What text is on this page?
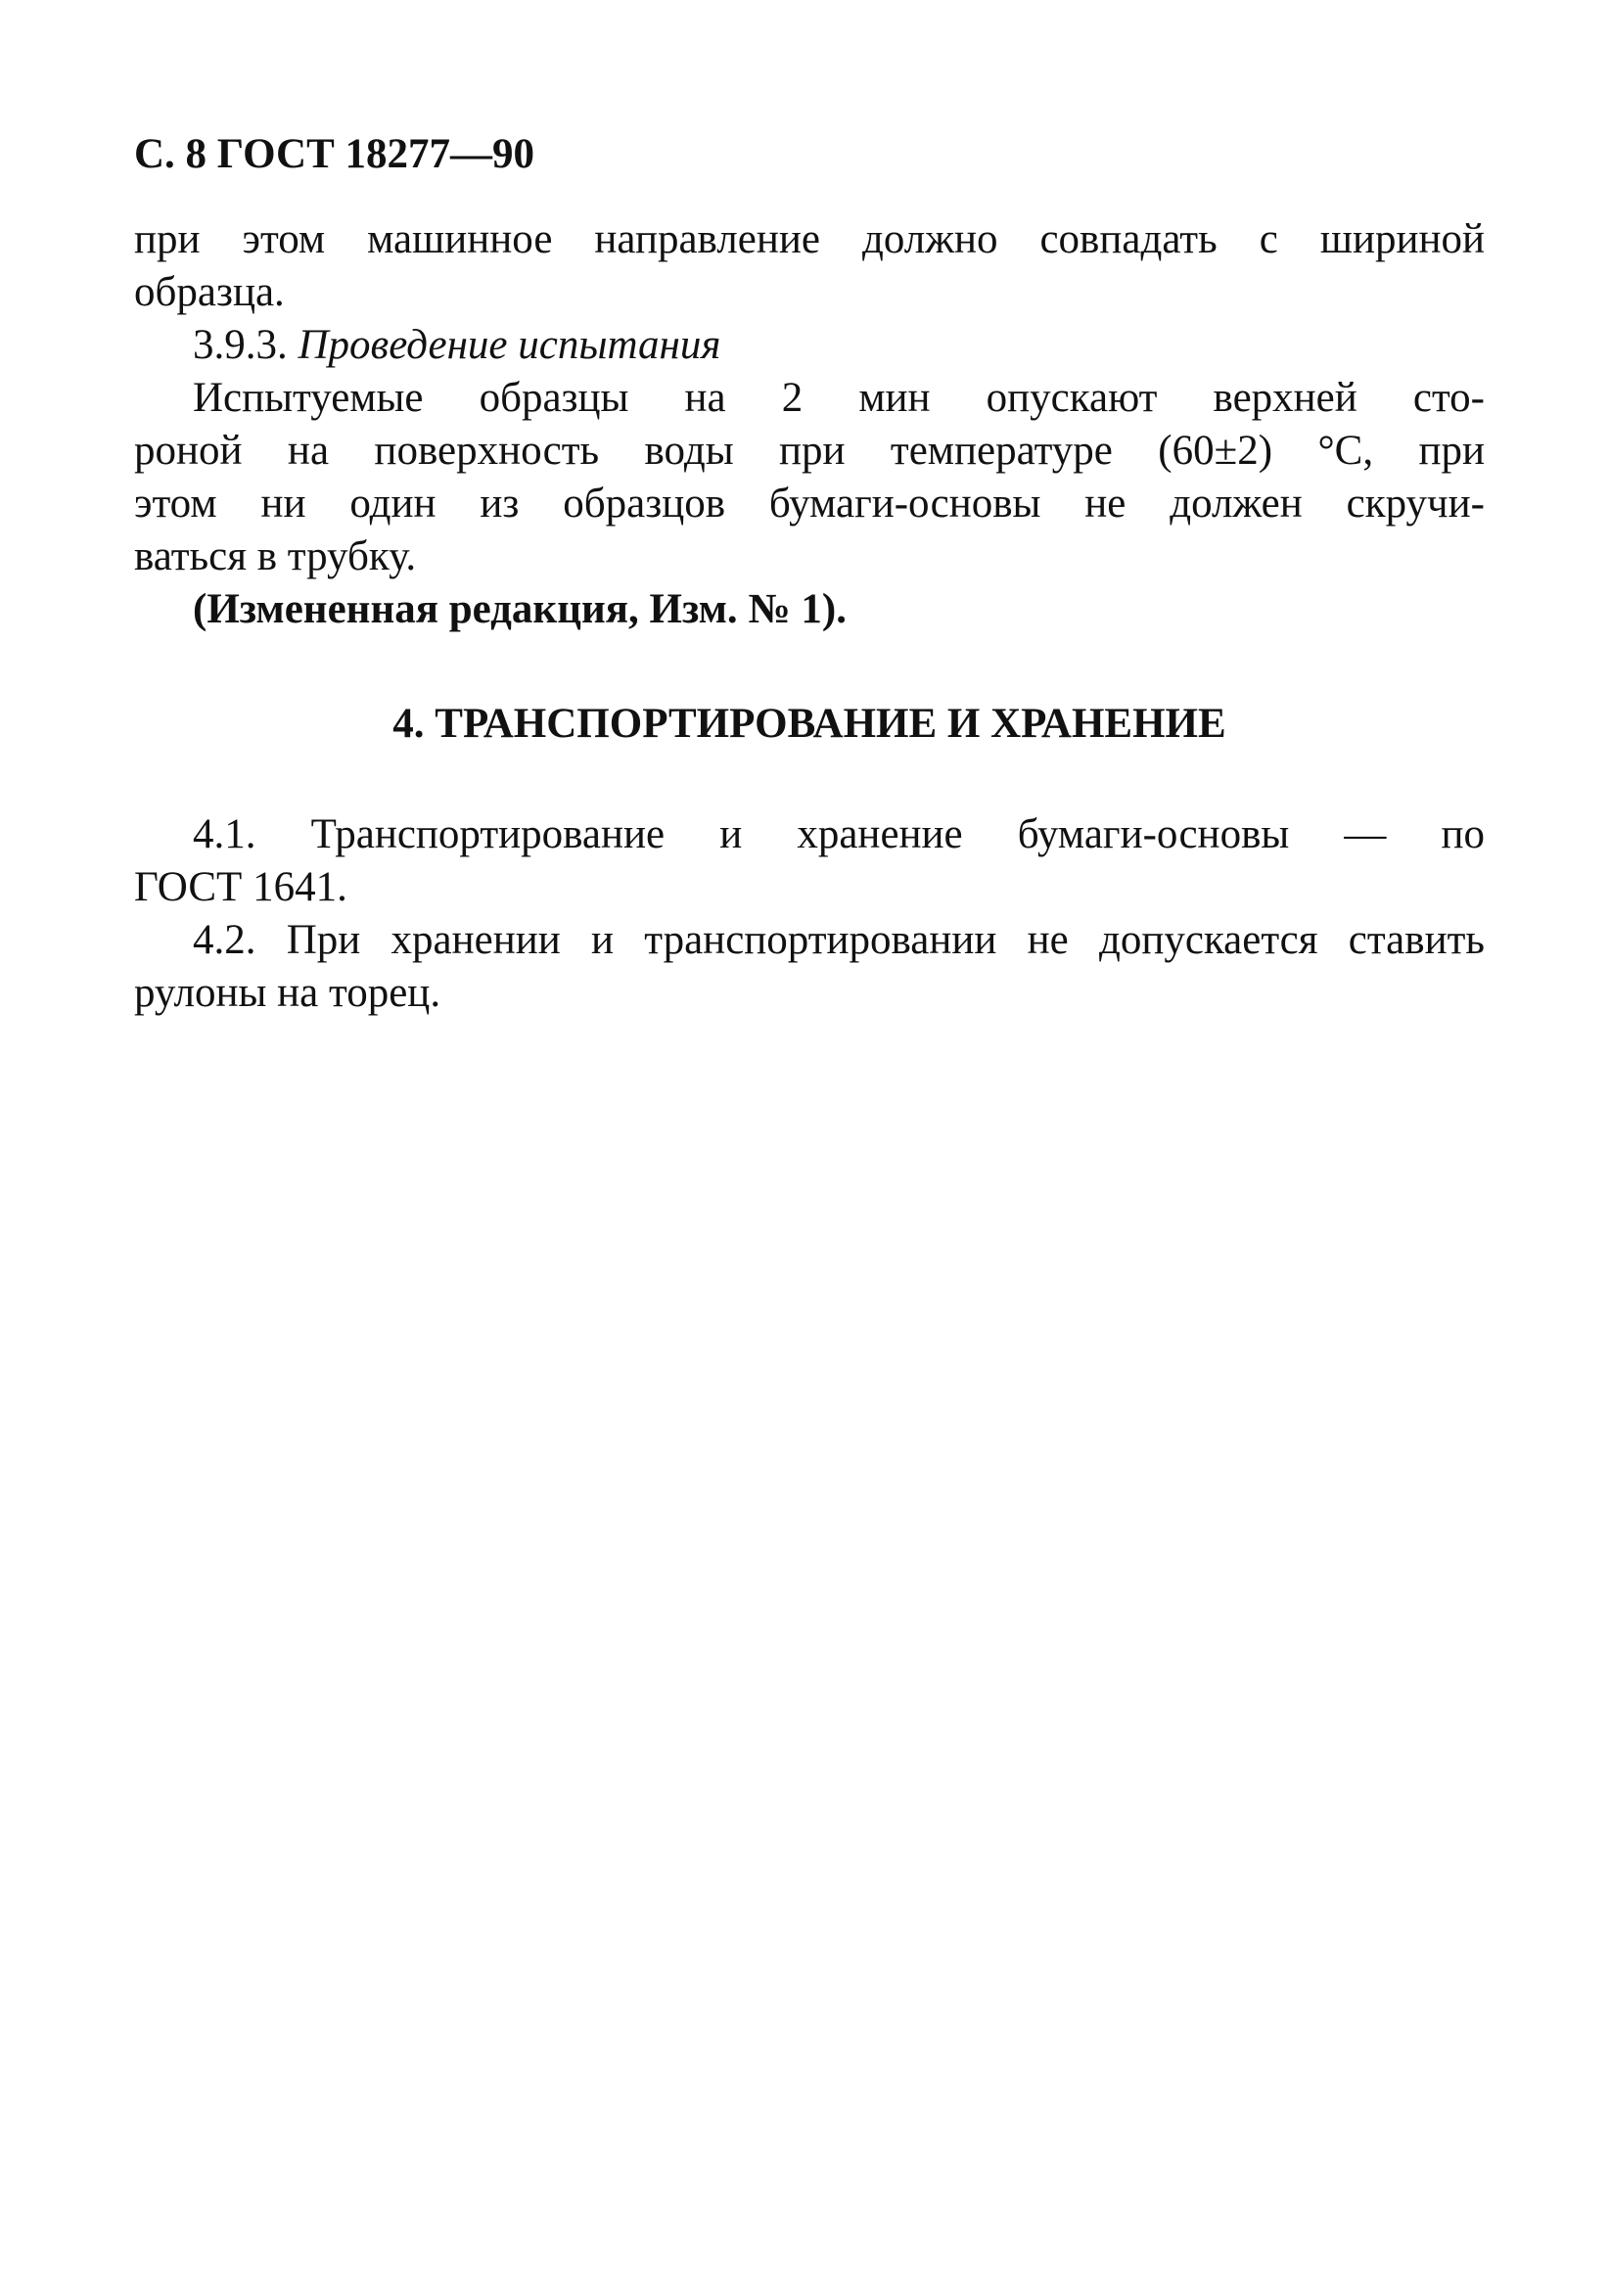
С. 8 ГОСТ 18277—90
при этом машинное направление должно совпадать с шириной
образца.
3.9.3. Проведение испытания
Испытуемые образцы на 2 мин опускают верхней сто-
роной на поверхность воды при температуре (60±2) °С, при
этом ни один из образцов бумаги-основы не должен скручи-
ваться в трубку.
(Измененная редакция, Изм. № 1).
4. ТРАНСПОРТИРОВАНИЕ И ХРАНЕНИЕ
4.1. Транспортирование и хранение бумаги-основы — по
ГОСТ 1641.
4.2. При хранении и транспортировании не допускается ставить
рулоны на торец.
